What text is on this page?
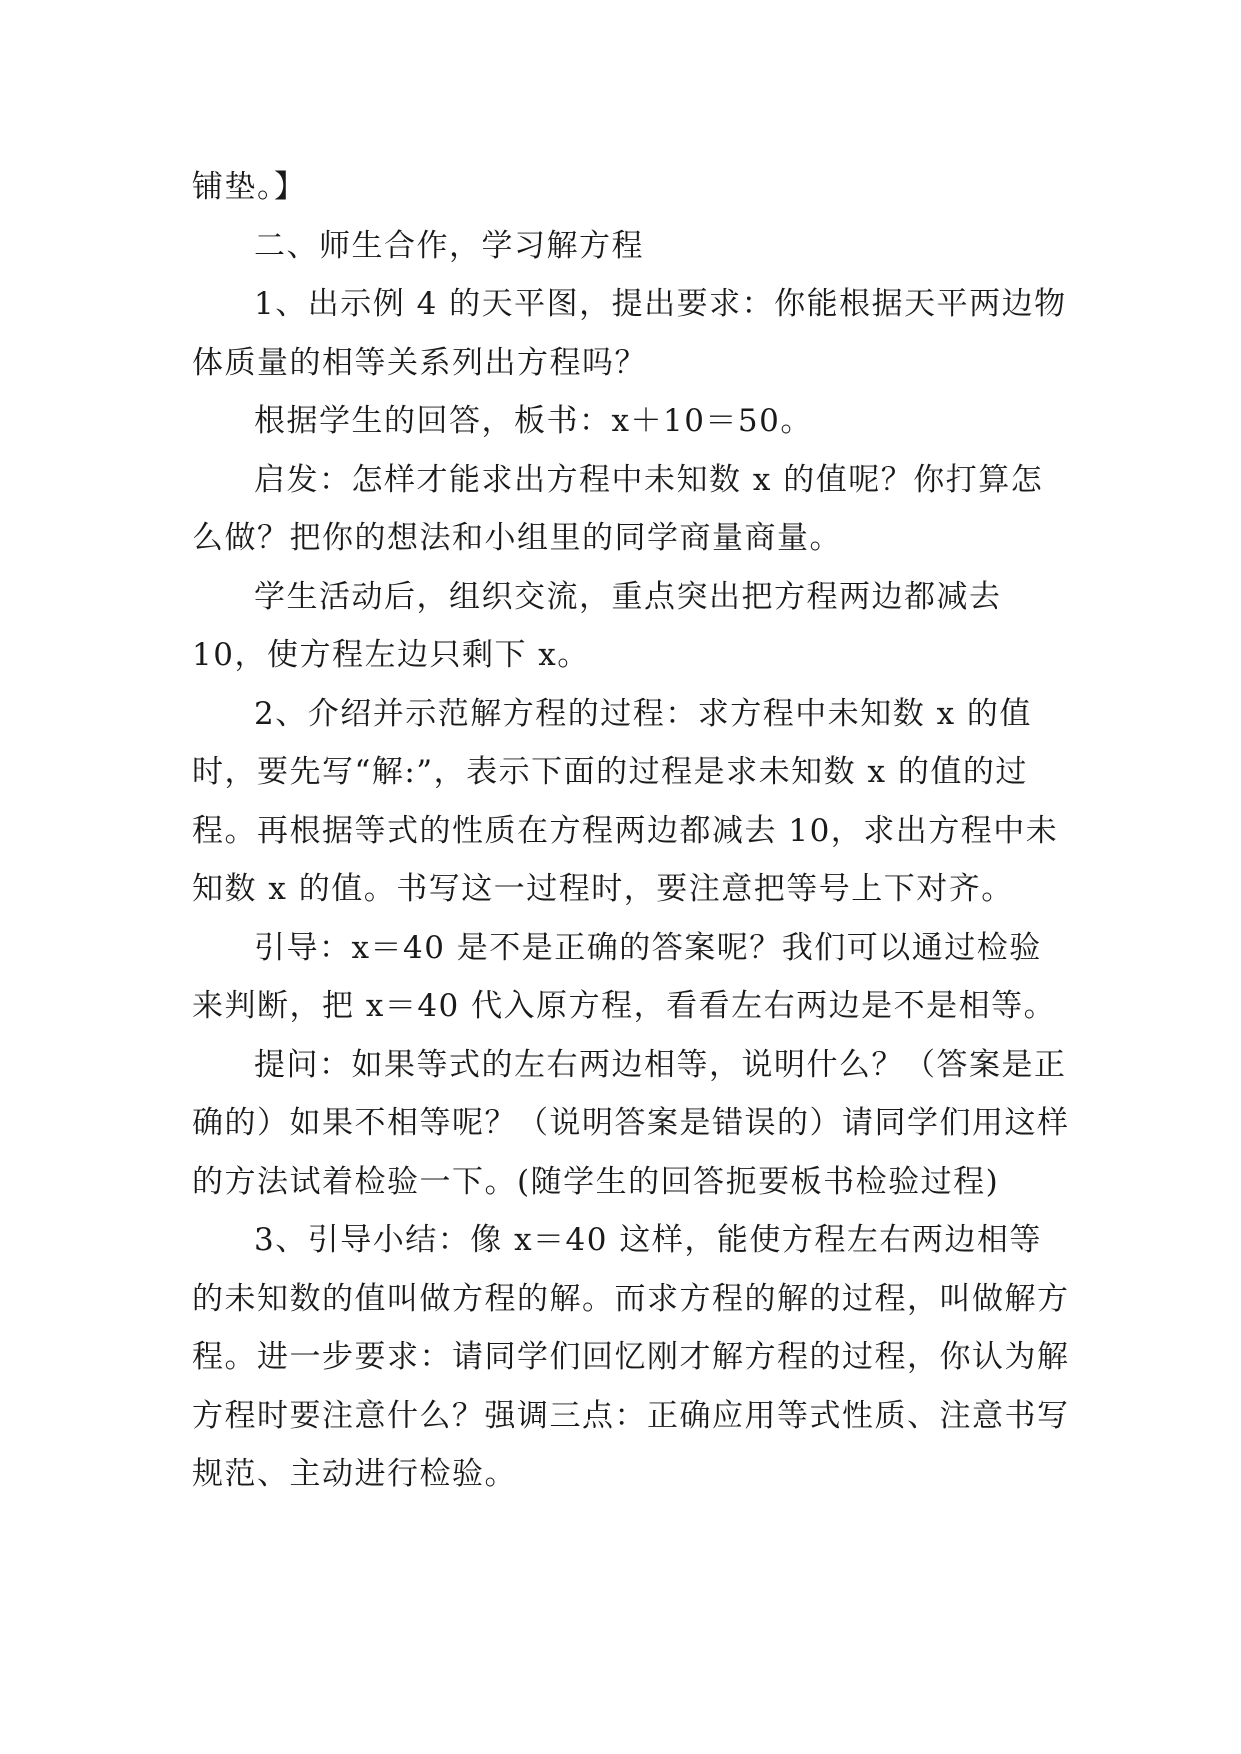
铺垫。】

二、师生合作，学习解方程

1、出示例 4 的天平图，提出要求：你能根据天平两边物体质量的相等关系列出方程吗？

根据学生的回答，板书：x＋10＝50。

启发：怎样才能求出方程中未知数 x 的值呢？你打算怎么做？把你的想法和小组里的同学商量商量。

学生活动后，组织交流，重点突出把方程两边都减去10，使方程左边只剩下 x。

2、介绍并示范解方程的过程：求方程中未知数 x 的值时，要先写“解:”，表示下面的过程是求未知数 x 的值的过程。再根据等式的性质在方程两边都减去 10，求出方程中未知数 x 的值。书写这一过程时，要注意把等号上下对齐。

引导：x＝40 是不是正确的答案呢？我们可以通过检验来判断，把 x＝40 代入原方程，看看左右两边是不是相等。

提问：如果等式的左右两边相等，说明什么？（答案是正确的）如果不相等呢？（说明答案是错误的）请同学们用这样的方法试着检验一下。(随学生的回答扼要板书检验过程)

3、引导小结：像 x＝40 这样，能使方程左右两边相等的未知数的值叫做方程的解。而求方程的解的过程，叫做解方程。进一步要求：请同学们回忆刚才解方程的过程，你认为解方程时要注意什么？强调三点：正确应用等式性质、注意书写规范、主动进行检验。
